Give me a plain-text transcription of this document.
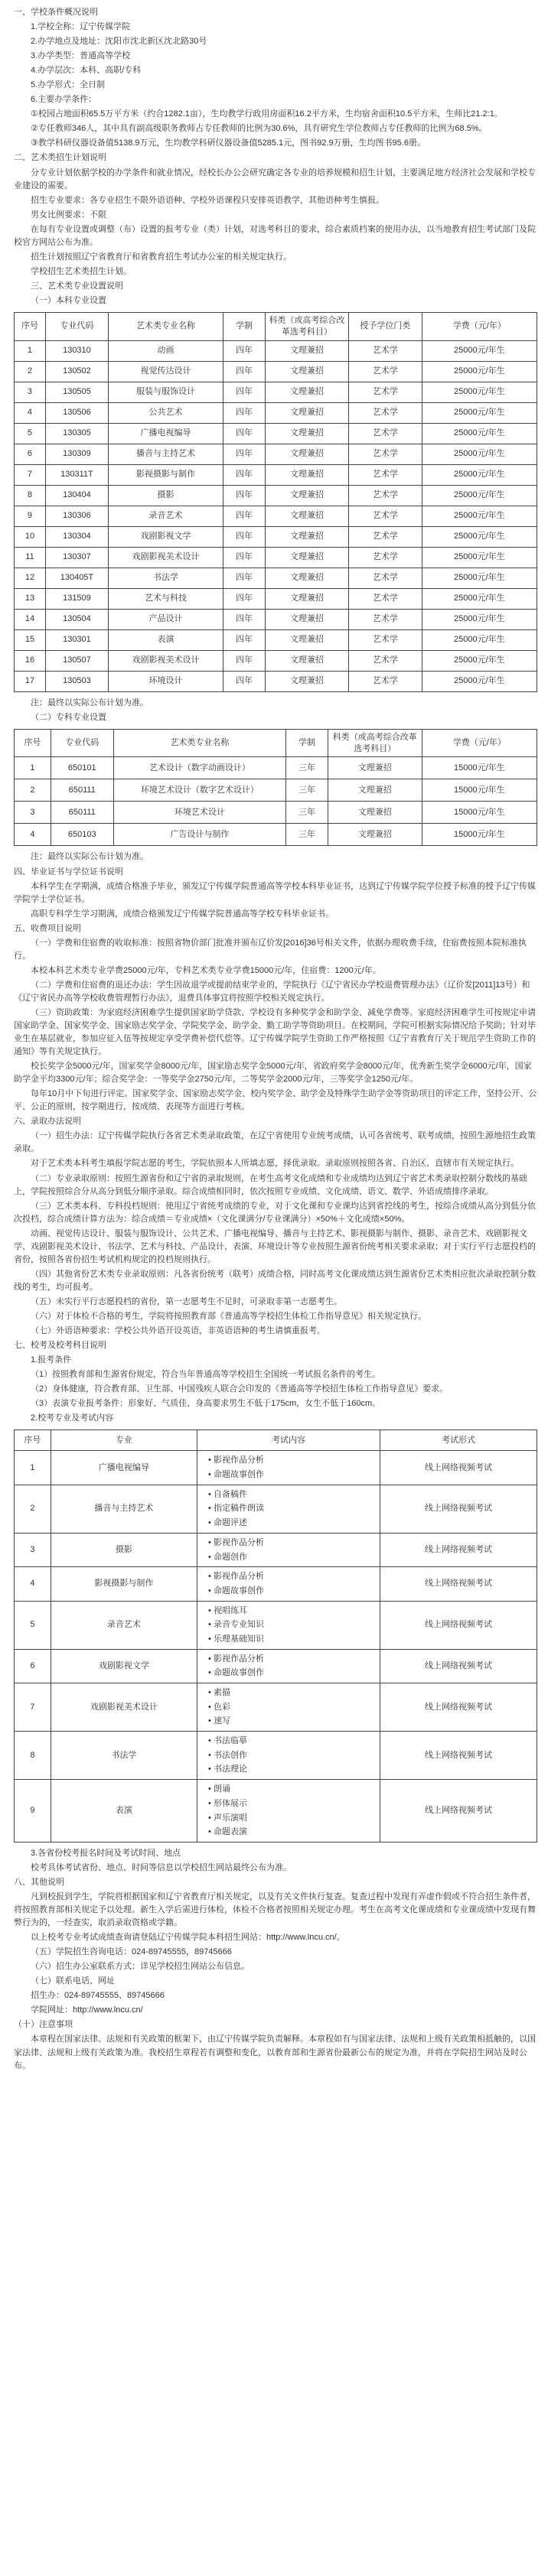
一、学校条件概况说明

1.学校全称：辽宁传媒学院

2.办学地点及地址：沈阳市沈北新区沈北路30号

3.办学类型：普通高等学校

4.办学层次：本科、高职/专科

5.办学形式：全日制

6.主要办学条件：

①校园占地面积65.5万平方米（约合1282.1亩），生均教学行政用房面积16.2平方米，生均宿舍面积10.5平方米，生师比21.2:1。

②专任教师346人，其中具有副高级职务教师占专任教师的比例为30.6%，具有研究生学位教师占专任教师的比例为68.5%。

③教学科研仪器设备值5138.9万元，生均教学科研仪器设备值5285.1元，图书92.9万册，生均图书95.6册。

二、艺术类招生计划说明

分专业计划依据学校的办学条件和就业情况，经校长办公会研究确定各专业的培养规模和招生计划，主要满足地方经济社会发展和学校专业建设的需要。

招生专业要求：各专业招生不限外语语种、学校外语课程只安排英语教学，其他语种考生慎报。

男女比例要求：不限

在每有专业设置或调整（布）设置的报考专业（类）计划，对选考科目的要求，综合素质档案的使用办法，以当地教育招生考试部门及院校官方网站公布为准。

招生计划按照辽宁省教育厅和省教育招生考试办公室的相关规定执行。

学校招生艺术类招生计划。

三、艺术类专业设置说明

（一）本科专业设置

序号	专业代码	艺术类专业名称	学制	科类（或高考综合改革选考科目）	授予学位门类	学费（元/年）
1	130310	动画	四年	文理兼招	艺术学	25000元/年生
2	130502	视觉传达设计	四年	文理兼招	艺术学	25000元/年生
3	130505	服装与服饰设计	四年	文理兼招	艺术学	25000元/年生
4	130506	公共艺术	四年	文理兼招	艺术学	25000元/年生
5	130305	广播电视编导	四年	文理兼招	艺术学	25000元/年生
6	130309	播音与主持艺术	四年	文理兼招	艺术学	25000元/年生
7	130311T	影视摄影与制作	四年	文理兼招	艺术学	25000元/年生
8	130404	摄影	四年	文理兼招	艺术学	25000元/年生
9	130306	录音艺术	四年	文理兼招	艺术学	25000元/年生
10	130304	戏剧影视文学	四年	文理兼招	艺术学	25000元/年生
11	130307	戏剧影视美术设计	四年	文理兼招	艺术学	25000元/年生
12	130405T	书法学	四年	文理兼招	艺术学	25000元/年生
13	131509	艺术与科技	四年	文理兼招	艺术学	25000元/年生
14	130504	产品设计	四年	文理兼招	艺术学	25000元/年生
15	130301	表演	四年	文理兼招	艺术学	25000元/年生
16	130507	戏剧影视美术设计	四年	文理兼招	艺术学	25000元/年生
17	130503	环境设计	四年	文理兼招	艺术学	25000元/年生

注：最终以实际公布计划为准。

（二）专科专业设置

序号	专业代码	艺术类专业名称	学制	科类（或高考综合改革选考科目）	学费（元/年）
1	650101	艺术设计（数字动画设计）	三年	文理兼招	15000元/年生
2	650111	环境艺术设计（数字艺术设计）	三年	文理兼招	15000元/年生
3	650111	环境艺术设计	三年	文理兼招	15000元/年生
4	650103	广告设计与制作	三年	文理兼招	15000元/年生

注：最终以实际公布计划为准。

四、毕业证书与学位证书说明

本科学生在学期满，成绩合格准予毕业，颁发辽宁传媒学院普通高等学校本科毕业证书，达到辽宁传媒学院学位授予标准的授予辽宁传媒学院学士学位证书。

高职专科学生学习期满，成绩合格颁发辽宁传媒学院普通高等学校专科毕业证书。

五、收费项目说明

（一）学费和住宿费的收取标准：按照省物价部门批准并颁布辽价发[2016]36号相关文件，依据办理收费手续，住宿费按照本院标准执行。

本校本科艺术类专业学费25000元/年，专科艺术类专业学费15000元/年，住宿费：1200元/年。

（二）学费和住宿费的退还办法：学生因故退学或提前结束学业的，学院执行《辽宁省民办学校退费管理办法》（辽价发[2011]13号）和《辽宁省民办高等学校收费管理暂行办法》，退费具体事宜将按照学校相关规定执行。

（三）资助政策：为家庭经济困难学生提供国家助学贷款、学校设有多种奖学金和助学金、减免学费等。家庭经济困难学生可按规定申请国家助学金、国家奖学金、国家励志奖学金、学院奖学金、助学金、勤工助学等资助项目。在校期间，学院可根据实际情况给予奖助；针对毕业生在基层就业，参加应征入伍等按规定享受学费补偿代偿等。辽宁传媒学院学生资助工作严格按照《辽宁省教育厅关于规范学生资助工作的通知》等有关规定执行。

校长奖学金5000元/年，国家奖学金8000元/年，国家励志奖学金5000元/年，省政府奖学金8000元/年，优秀新生奖学金6000元/年，国家助学金平均3300元/年；综合奖学金：一等奖学金2750元/年，二等奖学金2000元/年，三等奖学金1250元/年。

每年10月中下旬进行评定。国家奖学金、国家励志奖学金、校内奖学金、助学金及特殊学生助学金等资助项目的评定工作，坚持公开、公平、公正的原则，按学期进行，按成绩、表现等方面进行考核。

六、录取办法说明

（一）招生办法：辽宁传媒学院执行各省艺术类录取政策，在辽宁省使用专业统考成绩，认可各省统考、联考成绩，按照生源地招生政策录取。

对于艺术类本科考生填报学院志愿的考生，学院依照本人所填志愿，择优录取。录取原则按照各省、自治区、直辖市有关规定执行。

（二）专业录取原则：按照生源省份和辽宁省的录取规则，在考生高考文化成绩和专业成绩均达到辽宁省艺术类录取控制分数线的基础上，学院按照综合分从高分到低分顺序录取。综合成绩相同时，依次按照专业成绩、文化成绩、语文、数学、外语成绩排序录取。

（三）艺术类本科、专科投档规则：使用辽宁省统考成绩的专业，对于文化课和专业课均达到省控线的考生，按综合成绩从高分到低分依次投档，综合成绩计算方法为：综合成绩＝专业成绩×（文化课满分/专业课满分）×50%＋文化成绩×50%。

动画、视觉传达设计、服装与服饰设计、公共艺术、广播电视编导、播音与主持艺术、影视摄影与制作、摄影、录音艺术、戏剧影视文学、戏剧影视美术设计、书法学、艺术与科技、产品设计、表演、环境设计等专业按照生源省份统考相关要求录取；对于实行平行志愿投档的省份，按照各省份招生考试机构规定的投档规则执行。

（四）其他省份艺术类专业录取原则：凡各省份统考（联考）成绩合格，同时高考文化课成绩达到生源省份艺术类相应批次录取控制分数线的考生，均可报考。

（五）未实行平行志愿投档的省份，第一志愿考生不足时，可录取非第一志愿考生。

（六）对于体检不合格的考生，学院将按照教育部《普通高等学校招生体检工作指导意见》相关规定执行。

（七）外语语种要求：学校公共外语开设英语，非英语语种的考生请慎重报考。

七、校考及校考科目说明

1.报考条件

（1）按照教育部和生源省份规定，符合当年普通高等学校招生全国统一考试报名条件的考生。

（2）身体健康，符合教育部、卫生部、中国残疾人联合会印发的《普通高等学校招生体检工作指导意见》要求。

（3）表演专业报考条件：形象好、气质佳、身高要求男生不低于175cm，女生不低于160cm。

2.校考专业及考试内容

序号	专业	考试内容	考试形式
1	广播电视编导	• 影视作品分析
• 命题故事创作	线上网络视频考试
2	播音与主持艺术	• 自备稿件
• 指定稿件朗读
• 命题评述	线上网络视频考试
3	摄影	• 影视作品分析
• 命题创作	线上网络视频考试
4	影视摄影与制作	• 影视作品分析
• 命题故事创作	线上网络视频考试
5	录音艺术	• 视唱练耳
• 录音专业知识
• 乐理基础知识	线上网络视频考试
6	戏剧影视文学	• 影视作品分析
• 命题故事创作	线上网络视频考试
7	戏剧影视美术设计	• 素描
• 色彩
• 速写	线上网络视频考试
8	书法学	• 书法临摹
• 书法创作
• 书法理论	线上网络视频考试
9	表演	• 朗诵
• 形体展示
• 声乐演唱
• 命题表演	线上网络视频考试

3.各省份校考报名时间及考试时间、地点

校考具体考试省份、地点、时间等信息以学校招生网站最终公布为准。

八、其他说明

凡到校报到学生，学院将根据国家和辽宁省教育厅相关规定，以及有关文件执行复查。复查过程中发现有弄虚作假或不符合招生条件者，将按照教育部相关规定予以处理。新生入学后需进行体检，体检不合格者按照相关规定办理。考生在高考文化课成绩和专业课成绩中发现有舞弊行为的，一经查实，取消录取资格或学籍。

以上校考专业考试成绩查询请登陆辽宁传媒学院本科招生网站：http://www.lncu.cn/。

（五）学院招生咨询电话：024-89745555，89745666

（六）招生办公室联系方式：详见学校招生网站公布信息。

（七）联系电话、网址

招生办：024-89745555、89745666

学院网址：http://www.lncu.cn/

（十）注意事项

本章程在国家法律、法规和有关政策的框架下，由辽宁传媒学院负责解释。本章程如有与国家法律、法规和上级有关政策相抵触的，以国家法律、法规和上级有关政策为准。我校招生章程若有调整和变化，以教育部和生源省份最新公布的规定为准，并将在学院招生网站及时公布。
